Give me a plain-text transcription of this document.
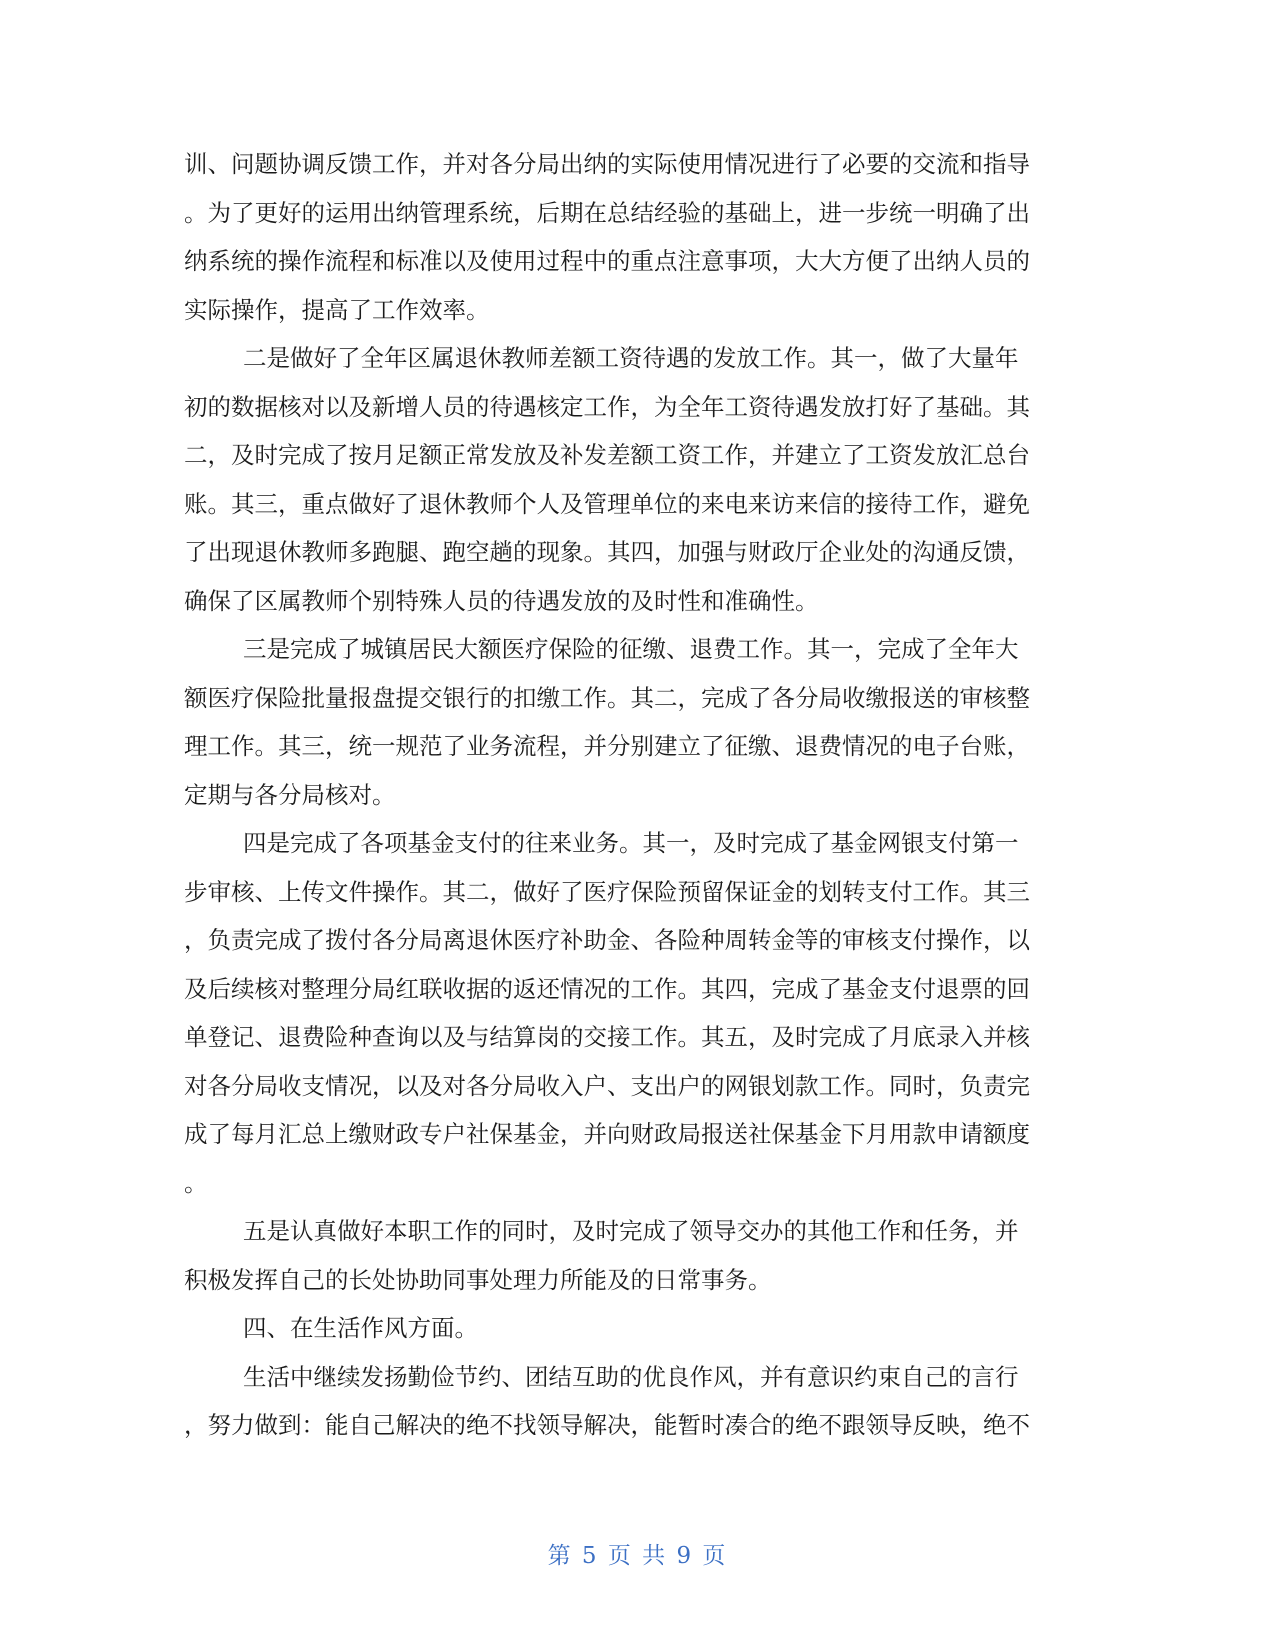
训、问题协调反馈工作，并对各分局出纳的实际使用情况进行了必要的交流和指导
。为了更好的运用出纳管理系统，后期在总结经验的基础上，进一步统一明确了出
纳系统的操作流程和标准以及使用过程中的重点注意事项，大大方便了出纳人员的
实际操作，提高了工作效率。
二是做好了全年区属退休教师差额工资待遇的发放工作。其一，做了大量年
初的数据核对以及新增人员的待遇核定工作，为全年工资待遇发放打好了基础。其
二，及时完成了按月足额正常发放及补发差额工资工作，并建立了工资发放汇总台
账。其三，重点做好了退休教师个人及管理单位的来电来访来信的接待工作，避免
了出现退休教师多跑腿、跑空趟的现象。其四，加强与财政厅企业处的沟通反馈，
确保了区属教师个别特殊人员的待遇发放的及时性和准确性。
三是完成了城镇居民大额医疗保险的征缴、退费工作。其一，完成了全年大
额医疗保险批量报盘提交银行的扣缴工作。其二，完成了各分局收缴报送的审核整
理工作。其三，统一规范了业务流程，并分别建立了征缴、退费情况的电子台账，
定期与各分局核对。
四是完成了各项基金支付的往来业务。其一，及时完成了基金网银支付第一
步审核、上传文件操作。其二，做好了医疗保险预留保证金的划转支付工作。其三
，负责完成了拨付各分局离退休医疗补助金、各险种周转金等的审核支付操作，以
及后续核对整理分局红联收据的返还情况的工作。其四，完成了基金支付退票的回
单登记、退费险种查询以及与结算岗的交接工作。其五，及时完成了月底录入并核
对各分局收支情况，以及对各分局收入户、支出户的网银划款工作。同时，负责完
成了每月汇总上缴财政专户社保基金，并向财政局报送社保基金下月用款申请额度
。
五是认真做好本职工作的同时，及时完成了领导交办的其他工作和任务，并
积极发挥自己的长处协助同事处理力所能及的日常事务。
四、在生活作风方面。
生活中继续发扬勤俭节约、团结互助的优良作风，并有意识约束自己的言行
，努力做到：能自己解决的绝不找领导解决，能暂时凑合的绝不跟领导反映，绝不
第 5 页 共 9 页
